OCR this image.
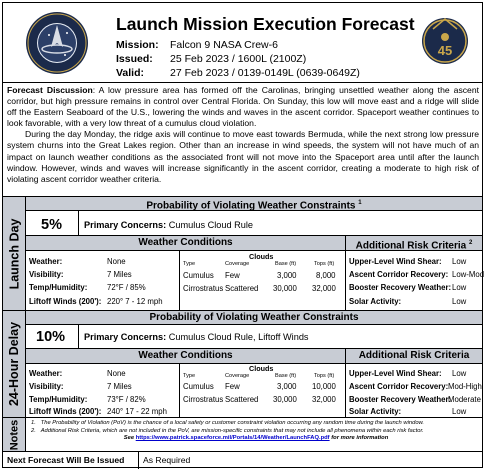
Launch Mission Execution Forecast
Mission: Falcon 9 NASA Crew-6
Issued: 25 Feb 2023 / 1600L (2100Z)
Valid: 27 Feb 2023 / 0139-0149L (0639-0649Z)
45

Forecast Discussion: A low pressure area has formed off the Carolinas, bringing unsettled weather along the ascent corridor, but high pressure remains in control over Central Florida. On Sunday, this low will move east and a ridge will slide off the Eastern Seaboard of the U.S., lowering the winds and waves in the ascent corridor. Spaceport weather continues to look favorable, with a very low threat of a cumulus cloud violation.

During the day Monday, the ridge axis will continue to move east towards Bermuda, while the next strong low pressure system churns into the Great Lakes region. Other than an increase in wind speeds, the system will not have much of an impact on launch weather conditions as the associated front will not move into the Spaceport area until after the launch window. However, winds and waves will increase significantly in the ascent corridor, creating a moderate to high risk of violating ascent corridor weather criteria.

Launch Day
Probability of Violating Weather Constraints $^1$
5% Primary Concerns: Cumulus Cloud Rule
Weather Conditions	Additional Risk Criteria $^2$
Weather:	None
Visibility:	7 Miles
Temp/Humidity:	72°F / 85%
Liftoff Winds (200'): 220° 7 - 12 mph
Clouds
Type	Coverage	Base (ft)	Tops (ft)
Cumulus Few	3,000 8,000
Cirrostratus Scattered 30,000 32,000
Upper-Level Wind Shear: Low
Ascent Corridor Recovery: Low-Mod
Booster Recovery Weather: Low
Solar Activity:	Low
24-Hour Delay
Probability of Violating Weather Constraints
10% Primary Concerns: Cumulus Cloud Rule, Liftoff Winds
Weather Conditions	Additional Risk Criteria
Weather:	None
Visibility:	7 Miles
Temp/Humidity:	73°F / 82%
Liftoff Winds (200'): 240° 17 - 22 mph
Clouds
Type	Coverage	Base (ft)	Tops (ft)
Cumulus Few	3,000 10,000
Cirrostratus Scattered 30,000 32,000
Upper-Level Wind Shear: Low
Ascent Corridor Recovery: Mod-High
Booster Recovery Weather:
Moderate
Solar Activity:	Low
Notes 1. The Probability of Violation (PoV) is the chance of a local safety or customer constraint violation occurring any random time during the launch window.
2. Additional Risk Criteria, which are not included in the PoV, are mission-specific constraints that may not include all phenomena within each risk factor.
See https://www.patrick.spaceforce.mil/Portals/14/Weather/LaunchFAQ.pdf for more information
Next Forecast Will Be Issued As Required
